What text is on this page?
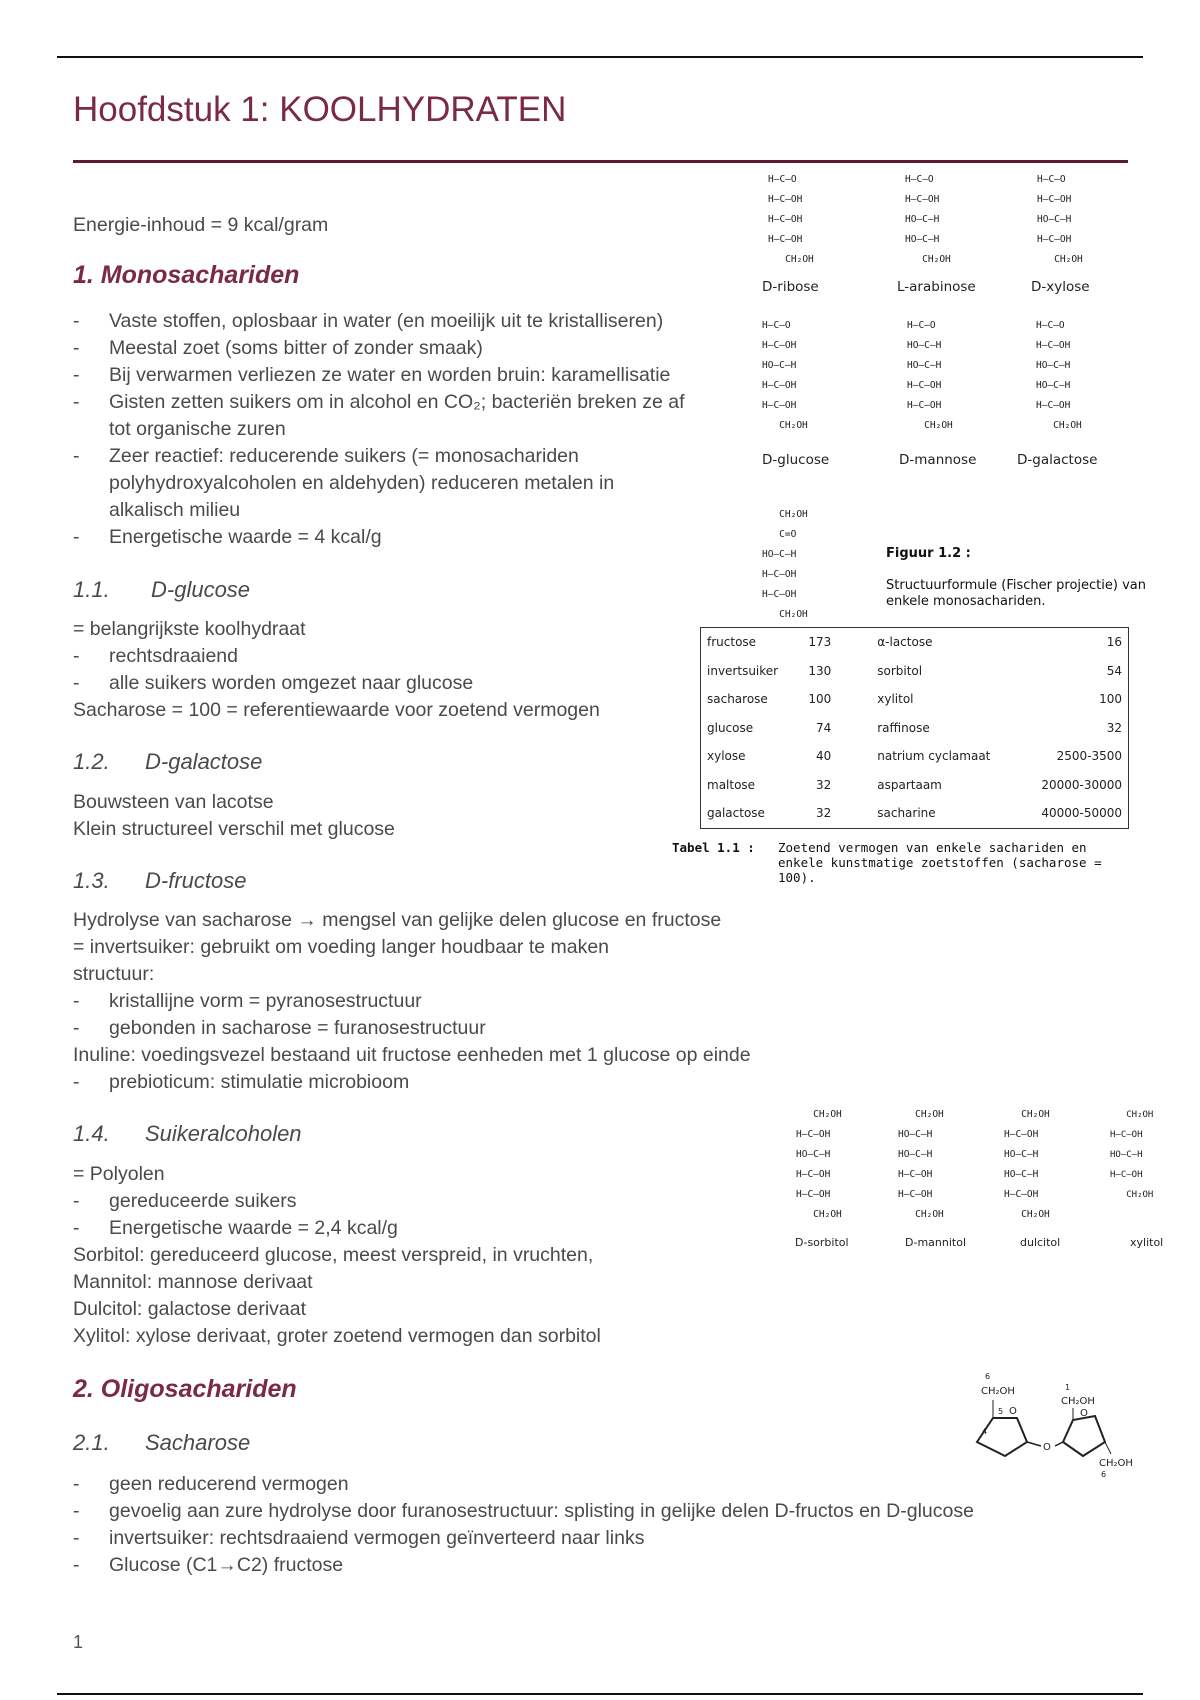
Hoofdstuk 1: KOOLHYDRATEN
Energie-inhoud = 9 kcal/gram
1. Monosachariden
- Vaste stoffen, oplosbaar in water (en moeilijk uit te kristalliseren)
- Meestal zoet (soms bitter of zonder smaak)
- Bij verwarmen verliezen ze water en worden bruin: karamellisatie
- Gisten zetten suikers om in alcohol en CO₂; bacteriën breken ze af tot organische zuren
- Zeer reactief: reducerende suikers (= monosachariden polyhydroxyalcoholen en aldehyden) reduceren metalen in alkalisch milieu
- Energetische waarde = 4 kcal/g
1.1. D-glucose
= belangrijkste koolhydraat
- rechtsdraaiend
- alle suikers worden omgezet naar glucose
Sacharose = 100 = referentiewaarde voor zoetend vermogen
1.2. D-galactose
Bouwsteen van lacotse
Klein structureel verschil met glucose
1.3. D-fructose
Hydrolyse van sacharose → mengsel van gelijke delen glucose en fructose
= invertsuiker: gebruikt om voeding langer houdbaar te maken
structuur:
- kristallijne vorm = pyranosestructuur
- gebonden in sacharose = furanosestructuur
Inuline: voedingsvezel bestaand uit fructose eenheden met 1 glucose op einde
- prebioticum: stimulatie microbioom
1.4. Suikeralcoholen
= Polyolen
- gereduceerde suikers
- Energetische waarde = 2,4 kcal/g
Sorbitol: gereduceerd glucose, meest verspreid, in vruchten,
Mannitol: mannose derivaat
Dulcitol: galactose derivaat
Xylitol: xylose derivaat, groter zoetend vermogen dan sorbitol
2. Oligosachariden
2.1. Sacharose
- geen reducerend vermogen
- gevoelig aan zure hydrolyse door furanosestructuur: splisting in gelijke delen D-fructos en D-glucose
- invertsuiker: rechtsdraaiend vermogen geïnverteerd naar links
- Glucose (C1→C2) fructose
H—C—O
H—C—OH
H—C—OH
H—C—OH
CH₂OH
D-ribose
H—C—O
H—C—OH
HO—C—H
HO—C—H
CH₂OH
L-arabinose
H—C—O
H—C—OH
HO—C—H
H—C—OH
CH₂OH
D-xylose
H—C—O
H—C—OH
HO—C—H
H—C—OH
H—C—OH
CH₂OH
D-glucose
H—C—O
HO—C—H
HO—C—H
H—C—OH
H—C—OH
CH₂OH
D-mannose
H—C—O
H—C—OH
HO—C—H
HO—C—H
H—C—OH
CH₂OH
D-galactose
CH₂OH
C=O
HO—C—H
H—C—OH
H—C—OH
CH₂OH
Figuur 1.2 :

Structuurformule (Fischer projectie) van enkele monosachariden.
fructose	173	α-lactose	16
invertsuiker	130	sorbitol	54
sacharose	100	xylitol	100
glucose	74	raffinose	32
xylose	40	natrium cyclamaat	2500-3500
maltose	32	aspartaam	20000-30000
galactose	32	sacharine	40000-50000
Tabel 1.1 : Zoetend vermogen van enkele sachariden en enkele kunstmatige zoetstoffen (sacharose = 100).
CH₂OH
H—C—OH
HO—C—H
H—C—OH
H—C—OH
CH₂OH
D-sorbitol
CH₂OH
HO—C—H
HO—C—H
H—C—OH
H—C—OH
CH₂OH
D-mannitol
CH₂OH
H—C—OH
HO—C—H
HO—C—H
H—C—OH
CH₂OH
dulcitol
CH₂OH
H—C—OH
HO—C—H
H—C—OH
CH₂OH
xylitol
6
CH₂OH
5 O
4
O
1
CH₂OH
O
CH₂OH
6
1
